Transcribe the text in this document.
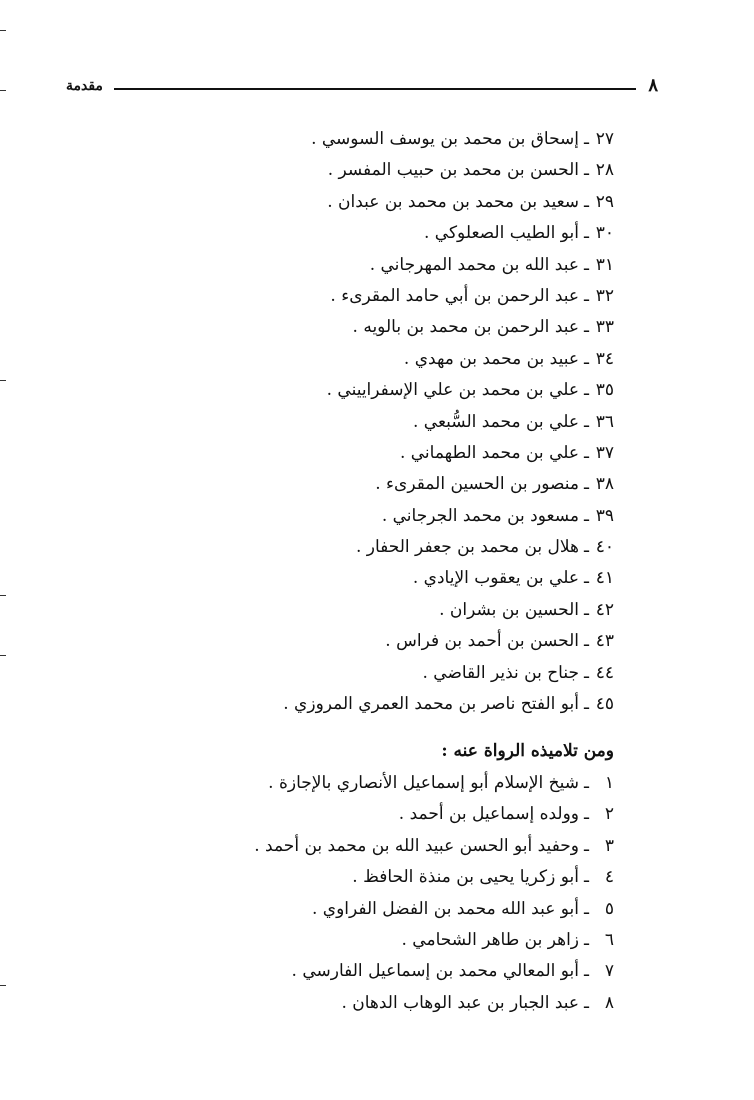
مقدمة	٨
٢٧ـإسحاق بن محمد بن يوسف السوسي .
٢٨ـالحسن بن محمد بن حبيب المفسر .
٢٩ـسعيد بن محمد بن محمد بن عبدان .
٣٠ـأبو الطيب الصعلوكي .
٣١ـعبد الله بن محمد المهرجاني .
٣٢ـعبد الرحمن بن أبي حامد المقرىء .
٣٣ـعبد الرحمن بن محمد بن بالويه .
٣٤ـعبيد بن محمد بن مهدي .
٣٥ـعلي بن محمد بن علي الإسفراييني .
٣٦ـعلي بن محمد السُّبعي .
٣٧ـعلي بن محمد الطهماني .
٣٨ـمنصور بن الحسين المقرىء .
٣٩ـمسعود بن محمد الجرجاني .
٤٠ـهلال بن محمد بن جعفر الحفار .
٤١ـعلي بن يعقوب الإيادي .
٤٢ـالحسين بن بشران .
٤٣ـالحسن بن أحمد بن فراس .
٤٤ـجناح بن نذير القاضي .
٤٥ـأبو الفتح ناصر بن محمد العمري المروزي .
ومن تلاميذه الرواة عنه :
١ـشيخ الإسلام أبو إسماعيل الأنصاري بالإجازة .
٢ـوولده إسماعيل بن أحمد .
٣ـوحفيد أبو الحسن عبيد الله بن محمد بن أحمد .
٤ـأبو زكريا يحيى بن منذة الحافظ .
٥ـأبو عبد الله محمد بن الفضل الفراوي .
٦ـزاهر بن طاهر الشحامي .
٧ـأبو المعالي محمد بن إسماعيل الفارسي .
٨ـعبد الجبار بن عبد الوهاب الدهان .
